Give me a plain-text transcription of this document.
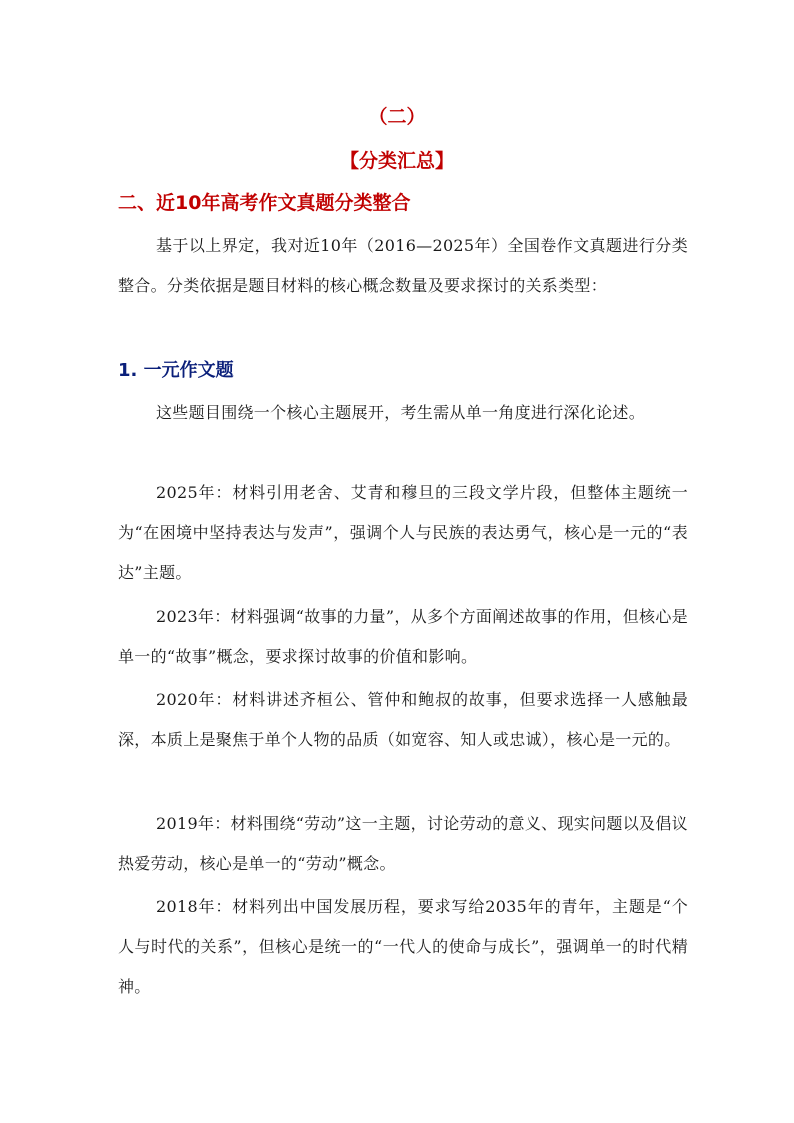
（二）
【分类汇总】
二、近10年高考作文真题分类整合
基于以上界定，我对近10年（2016—2025年）全国卷作文真题进行分类整合。分类依据是题目材料的核心概念数量及要求探讨的关系类型：
1. 一元作文题
这些题目围绕一个核心主题展开，考生需从单一角度进行深化论述。
2025年：材料引用老舍、艾青和穆旦的三段文学片段，但整体主题统一为“在困境中坚持表达与发声”，强调个人与民族的表达勇气，核心是一元的“表达”主题。
2023年：材料强调“故事的力量”，从多个方面阐述故事的作用，但核心是单一的“故事”概念，要求探讨故事的价值和影响。
2020年：材料讲述齐桓公、管仲和鲍叔的故事，但要求选择一人感触最深，本质上是聚焦于单个人物的品质（如宽容、知人或忠诚），核心是一元的。
2019年：材料围绕“劳动”这一主题，讨论劳动的意义、现实问题以及倡议热爱劳动，核心是单一的“劳动”概念。
2018年：材料列出中国发展历程，要求写给2035年的青年，主题是“个人与时代的关系”，但核心是统一的“一代人的使命与成长”，强调单一的时代精神。
